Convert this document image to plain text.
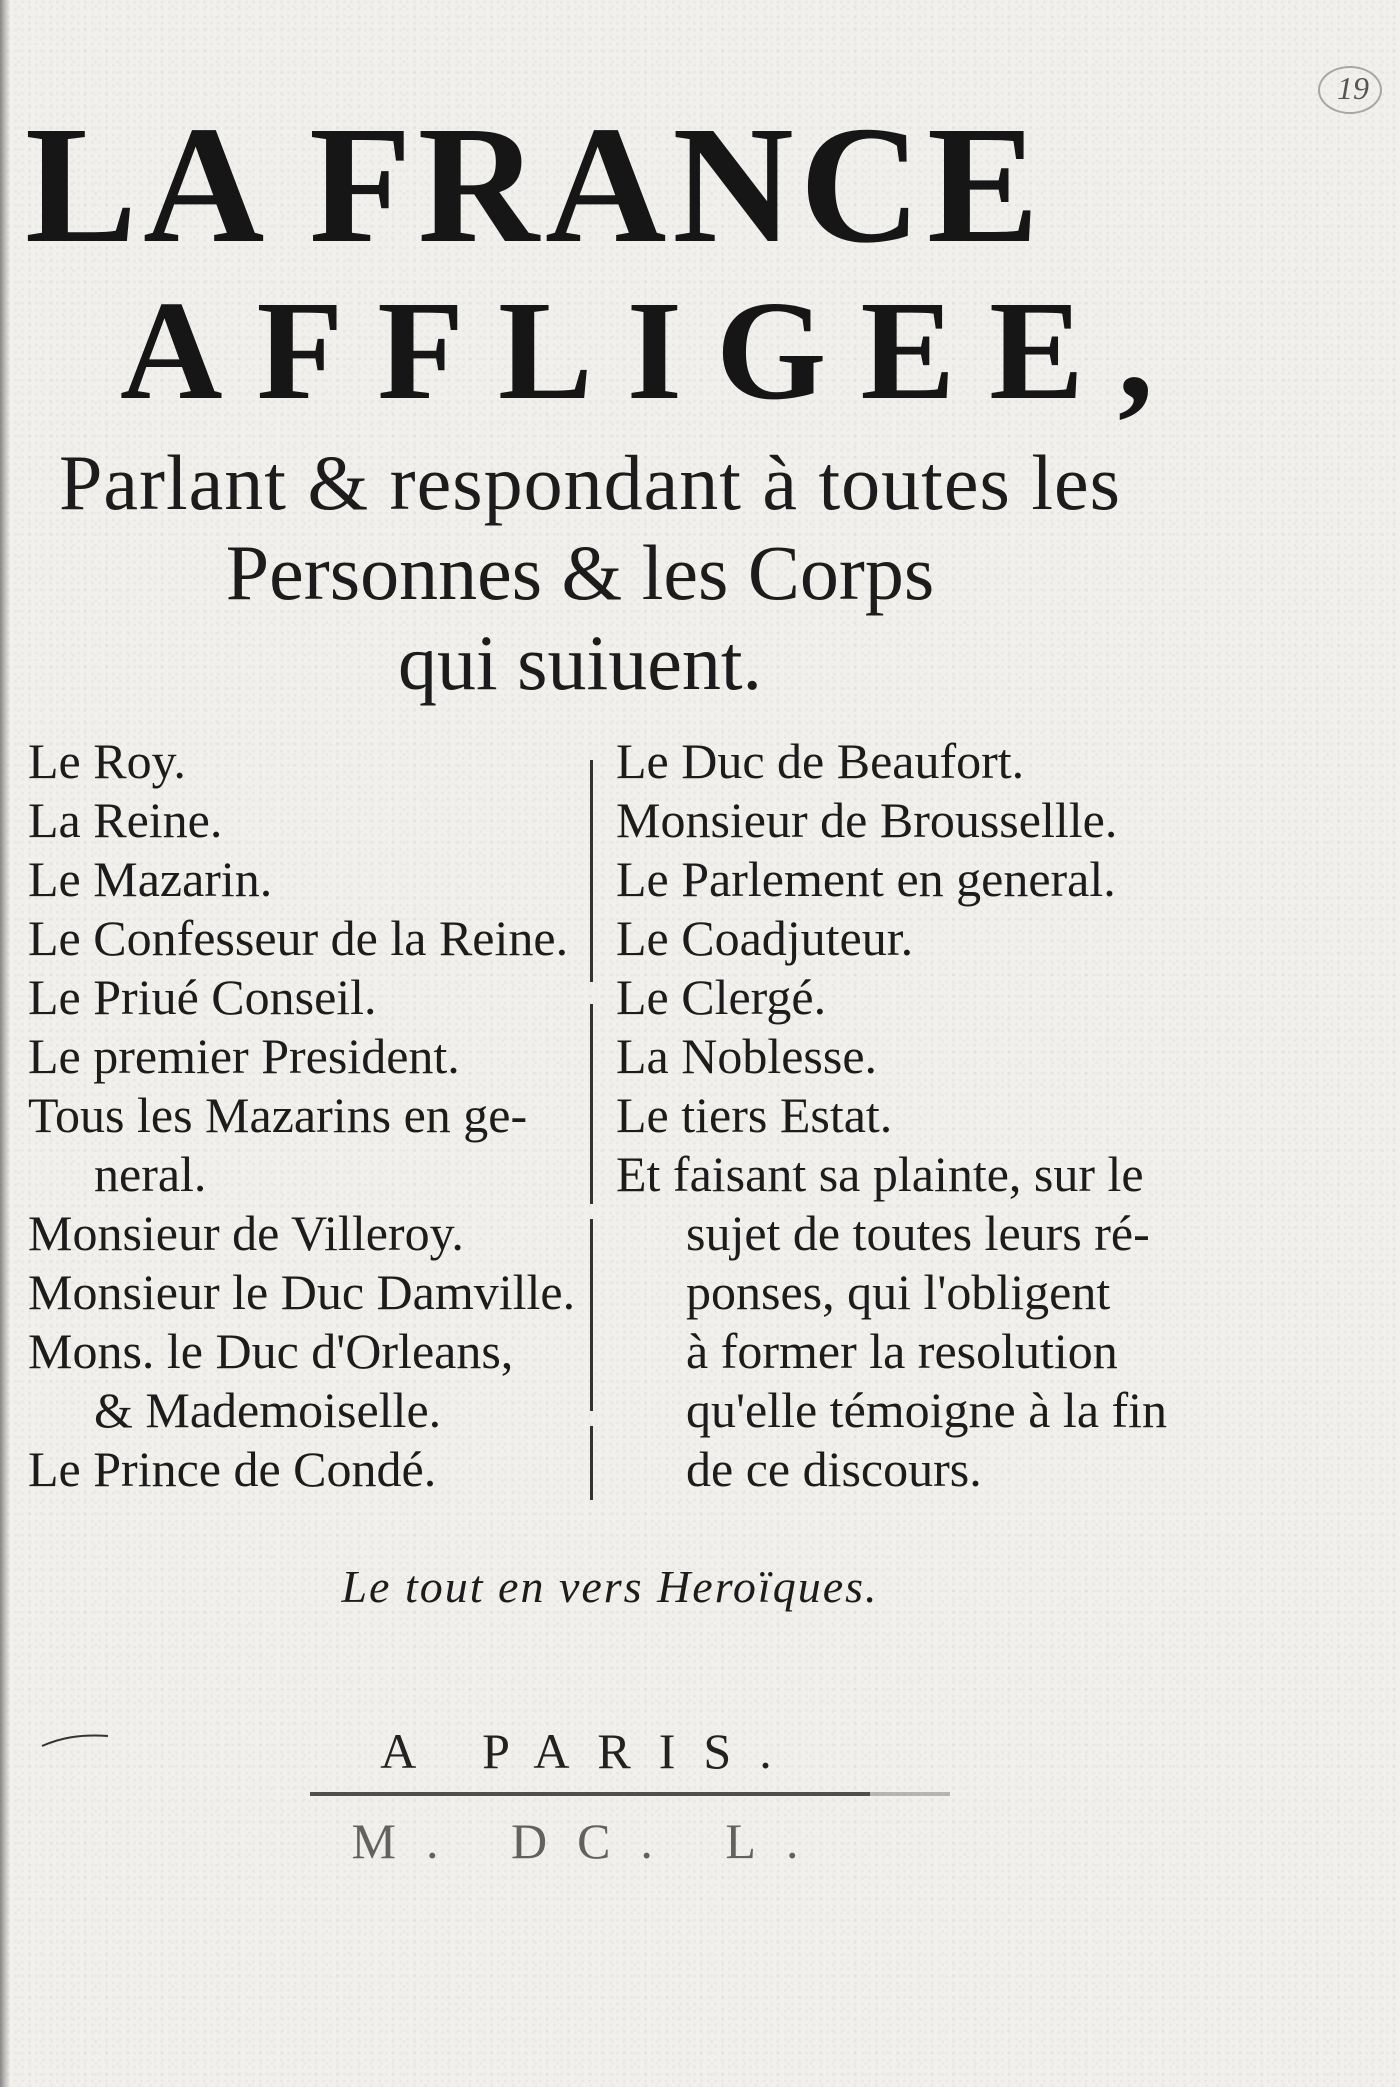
19
LA FRANCE
AFFLIGEE,
Parlant & respondant à toutes les
Personnes & les Corps
qui suiuent.
Le Roy.
La Reine.
Le Mazarin.
Le Confesseur de la Reine.
Le Priué Conseil.
Le premier President.
Tous les Mazarins en ge-
neral.
Monsieur de Villeroy.
Monsieur le Duc Damville.
Mons. le Duc d'Orleans,
& Mademoiselle.
Le Prince de Condé.
Le Duc de Beaufort.
Monsieur de Broussellle.
Le Parlement en general.
Le Coadjuteur.
Le Clergé.
La Noblesse.
Le tiers Estat.
Et faisant sa plainte, sur le
sujet de toutes leurs ré-
ponses, qui l'obligent
à former la resolution
qu'elle témoigne à la fin
de ce discours.
Le tout en vers Heroïques.
A PARIS.
M. DC. L.
